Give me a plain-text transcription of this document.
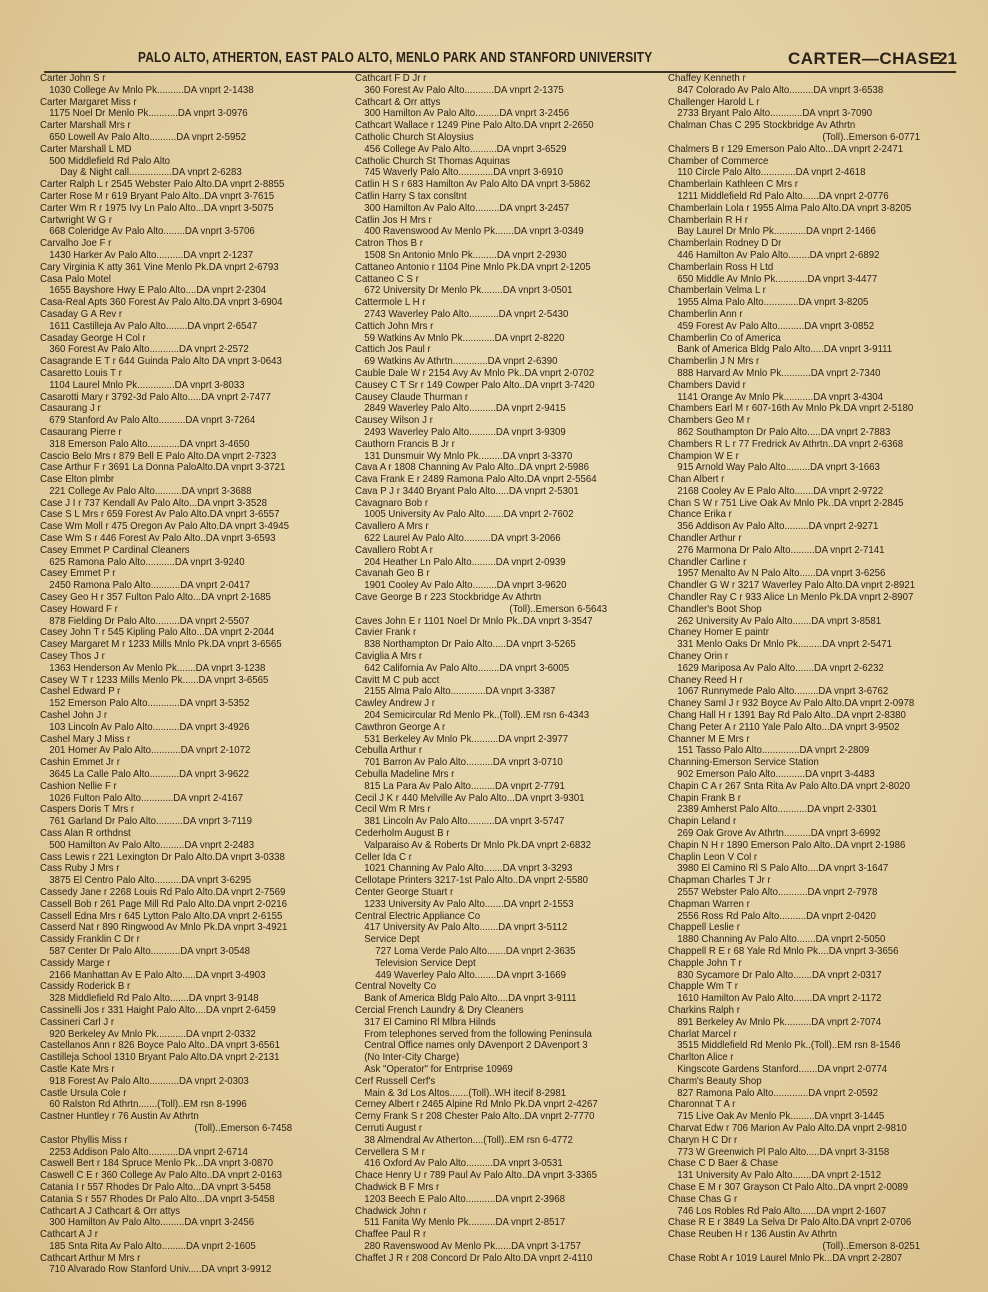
PALO ALTO, ATHERTON, EAST PALO ALTO, MENLO PARK AND STANFORD UNIVERSITY	CARTER—CHASE
21
Carter John S r
1030 College Av Mnlo Pk..........DA vnprt 2-1438
Carter Margaret Miss r
1175 Noel Dr Menlo Pk...........DA vnprt 3-0976
Carter Marshall Mrs r
650 Lowell Av Palo Alto..........DA vnprt 2-5952
Carter Marshall L MD
500 Middlefield Rd Palo Alto
Day & Night call................DA vnprt 2-6283
Carter Ralph L r 2545 Webster Palo Alto.DA vnprt 2-8855
Carter Rose M r 619 Bryant Palo Alto..DA vnprt 3-7615
Carter Wm R r 1975 Ivy Ln Palo Alto...DA vnprt 3-5075
Cartwright W G r
668 Coleridge Av Palo Alto........DA vnprt 3-5706
Carvalho Joe F r
1430 Harker Av Palo Alto..........DA vnprt 2-1237
Cary Virginia K atty 361 Vine Menlo Pk.DA vnprt 2-6793
Casa Palo Motel
1655 Bayshore Hwy E Palo Alto....DA vnprt 2-2304
Casa-Real Apts 360 Forest Av Palo Alto.DA vnprt 3-6904
Casaday G A Rev r
1611 Castilleja Av Palo Alto........DA vnprt 2-6547
Casaday George H Col r
360 Forest Av Palo Alto...........DA vnprt 2-2572
Casagrande E T r 644 Guinda Palo Alto DA vnprt 3-0643
Casaretto Louis T r
1104 Laurel Mnlo Pk..............DA vnprt 3-8033
Casarotti Mary r 3792-3d Palo Alto.....DA vnprt 2-7477
Casaurang J r
679 Stanford Av Palo Alto..........DA vnprt 3-7264
Casaurang Pierre r
318 Emerson Palo Alto............DA vnprt 3-4650
Cascio Belo Mrs r 879 Bell E Palo Alto.DA vnprt 2-7323
Case Arthur F r 3691 La Donna PaloAlto.DA vnprt 3-3721
Case Elton plmbr
221 College Av Palo Alto..........DA vnprt 3-3688
Case J I r 737 Kendall Av Palo Alto...DA vnprt 3-3528
Case S L Mrs r 659 Forest Av Palo Alto.DA vnprt 3-6557
Case Wm Moll r 475 Oregon Av Palo Alto.DA vnprt 3-4945
Case Wm S r 446 Forest Av Palo Alto..DA vnprt 3-6593
Casey Emmet P Cardinal Cleaners
625 Ramona Palo Alto...........DA vnprt 3-9240
Casey Emmet P r
2450 Ramona Palo Alto...........DA vnprt 2-0417
Casey Geo H r 357 Fulton Palo Alto...DA vnprt 2-1685
Casey Howard F r
878 Fielding Dr Palo Alto.........DA vnprt 2-5507
Casey John T r 545 Kipling Palo Alto...DA vnprt 2-2044
Casey Margaret M r 1233 Mills Mnlo Pk.DA vnprt 3-6565
Casey Thos J r
1363 Henderson Av Menlo Pk.......DA vnprt 3-1238
Casey W T r 1233 Mills Menlo Pk......DA vnprt 3-6565
Cashel Edward P r
152 Emerson Palo Alto............DA vnprt 3-5352
Cashel John J r
103 Lincoln Av Palo Alto..........DA vnprt 3-4926
Cashel Mary J Miss r
201 Homer Av Palo Alto...........DA vnprt 2-1072
Cashin Emmet Jr r
3645 La Calle Palo Alto...........DA vnprt 3-9622
Cashion Nellie F r
1026 Fulton Palo Alto............DA vnprt 2-4167
Caspers Doris T Mrs r
761 Garland Dr Palo Alto..........DA vnprt 3-7119
Cass Alan R orthdnst
500 Hamilton Av Palo Alto.........DA vnprt 2-2483
Cass Lewis r 221 Lexington Dr Palo Alto.DA vnprt 3-0338
Cass Ruby J Mrs r
3875 El Centro Palo Alto..........DA vnprt 3-6295
Cassedy Jane r 2268 Louis Rd Palo Alto.DA vnprt 2-7569
Cassell Bob r 261 Page Mill Rd Palo Alto.DA vnprt 2-0216
Cassell Edna Mrs r 645 Lytton Palo Alto.DA vnprt 2-6155
Casserd Nat r 890 Ringwood Av Mnlo Pk.DA vnprt 3-4921
Cassidy Franklin C Dr r
587 Center Dr Palo Alto...........DA vnprt 3-0548
Cassidy Marge r
2166 Manhattan Av E Palo Alto.....DA vnprt 3-4903
Cassidy Roderick B r
328 Middlefield Rd Palo Alto.......DA vnprt 3-9148
Cassinelli Jos r 331 Haight Palo Alto....DA vnprt 2-6459
Cassineri Carl J r
920 Berkeley Av Mnlo Pk...........DA vnprt 2-0332
Castellanos Ann r 826 Boyce Palo Alto..DA vnprt 3-6561
Castilleja School 1310 Bryant Palo Alto.DA vnprt 2-2131
Castle Kate Mrs r
918 Forest Av Palo Alto...........DA vnprt 2-0303
Castle Ursula Cole r
60 Ralston Rd Athrtn.......(Toll)..EM rsn 8-1996
Castner Huntley r 76 Austin Av Athrtn
(Toll)..Emerson 6-7458
Castor Phyllis Miss r
2253 Addison Palo Alto...........DA vnprt 2-6714
Caswell Bert r 184 Spruce Menlo Pk...DA vnprt 3-0870
Caswell C E r 360 College Av Palo Alto..DA vnprt 2-0163
Catania I r 557 Rhodes Dr Palo Alto...DA vnprt 3-5458
Catania S r 557 Rhodes Dr Palo Alto...DA vnprt 3-5458
Cathcart A J Cathcart & Orr attys
300 Hamilton Av Palo Alto.........DA vnprt 3-2456
Cathcart A J r
185 Snta Rita Av Palo Alto.........DA vnprt 2-1605
Cathcart Arthur M Mrs r
710 Alvarado Row Stanford Univ.....DA vnprt 3-9912
Cathcart F D Jr r
360 Forest Av Palo Alto...........DA vnprt 2-1375
Cathcart & Orr attys
300 Hamilton Av Palo Alto.........DA vnprt 3-2456
Cathcart Wallace r 1249 Pine Palo Alto.DA vnprt 2-2650
Catholic Church St Aloysius
456 College Av Palo Alto..........DA vnprt 3-6529
Catholic Church St Thomas Aquinas
745 Waverly Palo Alto.............DA vnprt 3-6910
Catlin H S r 683 Hamilton Av Palo Alto DA vnprt 3-5862
Catlin Harry S tax consltnt
300 Hamilton Av Palo Alto.........DA vnprt 3-2457
Catlin Jos H Mrs r
400 Ravenswood Av Menlo Pk.......DA vnprt 3-0349
Catron Thos B r
1508 Sn Antonio Mnlo Pk.........DA vnprt 2-2930
Cattaneo Antonio r 1104 Pine Mnlo Pk.DA vnprt 2-1205
Cattaneo C S r
672 University Dr Menlo Pk........DA vnprt 3-0501
Cattermole L H r
2743 Waverley Palo Alto...........DA vnprt 2-5430
Cattich John Mrs r
59 Watkins Av Mnlo Pk............DA vnprt 2-8220
Cattich Jos Paul r
69 Watkins Av Athrtn.............DA vnprt 2-6390
Cauble Dale W r 2154 Avy Av Mnlo Pk..DA vnprt 2-0702
Causey C T Sr r 149 Cowper Palo Alto..DA vnprt 3-7420
Causey Claude Thurman r
2849 Waverley Palo Alto..........DA vnprt 2-9415
Causey Wilson J r
2493 Waverley Palo Alto..........DA vnprt 3-9309
Cauthorn Francis B Jr r
131 Dunsmuir Wy Mnlo Pk.........DA vnprt 3-3370
Cava A r 1808 Channing Av Palo Alto..DA vnprt 2-5986
Cava Frank E r 2489 Ramona Palo Alto.DA vnprt 2-5564
Cava P J r 3440 Bryant Palo Alto.....DA vnprt 2-5301
Cavagnaro Bob r
1005 University Av Palo Alto.......DA vnprt 2-7602
Cavallero A Mrs r
622 Laurel Av Palo Alto..........DA vnprt 3-2066
Cavallero Robt A r
204 Heather Ln Palo Alto.........DA vnprt 2-0939
Cavanah Geo B r
1901 Cooley Av Palo Alto.........DA vnprt 3-9620
Cave George B r 223 Stockbridge Av Athrtn
(Toll)..Emerson 6-5643
Caves John E r 1101 Noel Dr Mnlo Pk..DA vnprt 3-3547
Cavier Frank r
838 Northampton Dr Palo Alto.....DA vnprt 3-5265
Caviglia A Mrs r
642 California Av Palo Alto........DA vnprt 3-6005
Cavitt M C pub acct
2155 Alma Palo Alto.............DA vnprt 3-3387
Cawley Andrew J r
204 Semicircular Rd Menlo Pk..(Toll)..EM rsn 6-4343
Cawthron George A r
531 Berkeley Av Mnlo Pk..........DA vnprt 2-3977
Cebulla Arthur r
701 Barron Av Palo Alto..........DA vnprt 3-0710
Cebulla Madeline Mrs r
815 La Para Av Palo Alto.........DA vnprt 2-7791
Cecil J K r 440 Melville Av Palo Alto...DA vnprt 3-9301
Cecil Wm R Mrs r
381 Lincoln Av Palo Alto..........DA vnprt 3-5747
Cederholm August B r
Valparaiso Av & Roberts Dr Mnlo Pk.DA vnprt 2-6832
Celler Ida C r
1021 Channing Av Palo Alto.......DA vnprt 3-3293
Cellotape Printers 3217-1st Palo Alto..DA vnprt 2-5580
Center George Stuart r
1233 University Av Palo Alto.......DA vnprt 2-1553
Central Electric Appliance Co
417 University Av Palo Alto.......DA vnprt 3-5112
Service Dept
727 Loma Verde Palo Alto.......DA vnprt 2-3635
Television Service Dept
449 Waverley Palo Alto........DA vnprt 3-1669
Central Novelty Co
Bank of America Bldg Palo Alto....DA vnprt 3-9111
Cercial French Laundry & Dry Cleaners
317 El Camino Rl Mlbra Hilnds
From telephones served from the following Peninsula
Central Office names only DAvenport 2 DAvenport 3
(No Inter-City Charge)
Ask "Operator" for Entrprise 10969
Cerf Russell Cerf's
Main & 3d Los Altos.......(Toll)..WH itecif 8-2981
Cerney Albert r 2465 Alpine Rd Mnlo Pk.DA vnprt 2-4267
Cerny Frank S r 208 Chester Palo Alto..DA vnprt 2-7770
Cerruti August r
38 Almendral Av Atherton....(Toll)..EM rsn 6-4772
Cervellera S M r
416 Oxford Av Palo Alto..........DA vnprt 3-0531
Chace Henry U r 789 Paul Av Palo Alto..DA vnprt 3-3365
Chadwick B F Mrs r
1203 Beech E Palo Alto...........DA vnprt 2-3968
Chadwick John r
511 Fanita Wy Menlo Pk..........DA vnprt 2-8517
Chaffee Paul R r
280 Ravenswood Av Menlo Pk......DA vnprt 3-1757
Chaffet J R r 208 Concord Dr Palo Alto.DA vnprt 2-4110
Chaffey Kenneth r
847 Colorado Av Palo Alto.........DA vnprt 3-6538
Challenger Harold L r
2733 Bryant Palo Alto............DA vnprt 3-7090
Chalman Chas C 295 Stockbridge Av Athrtn
(Toll)..Emerson 6-0771
Chalmers B r 129 Emerson Palo Alto...DA vnprt 2-2471
Chamber of Commerce
110 Circle Palo Alto.............DA vnprt 2-4618
Chamberlain Kathleen C Mrs r
1211 Middlefield Rd Palo Alto......DA vnprt 2-0776
Chamberlain Lola r 1955 Alma Palo Alto.DA vnprt 3-8205
Chamberlain R H r
Bay Laurel Dr Mnlo Pk............DA vnprt 2-1466
Chamberlain Rodney D Dr
446 Hamilton Av Palo Alto........DA vnprt 2-6892
Chamberlain Ross H Ltd
650 Middle Av Mnlo Pk............DA vnprt 3-4477
Chamberlain Velma L r
1955 Alma Palo Alto.............DA vnprt 3-8205
Chamberlin Ann r
459 Forest Av Palo Alto..........DA vnprt 3-0852
Chamberlin Co of America
Bank of America Bldg Palo Alto.....DA vnprt 3-9111
Chamberlin J N Mrs r
888 Harvard Av Mnlo Pk...........DA vnprt 2-7340
Chambers David r
1141 Orange Av Mnlo Pk...........DA vnprt 3-4304
Chambers Earl M r 607-16th Av Mnlo Pk.DA vnprt 2-5180
Chambers Geo M r
862 Southampton Dr Palo Alto.....DA vnprt 2-7883
Chambers R L r 77 Fredrick Av Athrtn..DA vnprt 2-6368
Champion W E r
915 Arnold Way Palo Alto.........DA vnprt 3-1663
Chan Albert r
2168 Cooley Av E Palo Alto.......DA vnprt 2-9722
Chan S W r 751 Live Oak Av Mnlo Pk..DA vnprt 2-2845
Chance Erika r
356 Addison Av Palo Alto.........DA vnprt 2-9271
Chandler Arthur r
276 Marmona Dr Palo Alto.........DA vnprt 2-7141
Chandler Carline r
1957 Menalto Av N Palo Alto......DA vnprt 3-6256
Chandler G W r 3217 Waverley Palo Alto.DA vnprt 2-8921
Chandler Ray C r 933 Alice Ln Menlo Pk.DA vnprt 2-8907
Chandler's Boot Shop
262 University Av Palo Alto.......DA vnprt 3-8581
Chaney Homer E paintr
331 Menlo Oaks Dr Mnlo Pk.........DA vnprt 2-5471
Chaney Orin r
1629 Mariposa Av Palo Alto.......DA vnprt 2-6232
Chaney Reed H r
1067 Runnymede Palo Alto.........DA vnprt 3-6762
Chaney Saml J r 932 Boyce Av Palo Alto.DA vnprt 2-0978
Chang Hall H r 1391 Bay Rd Palo Alto..DA vnprt 2-8380
Chang Peter A r 2110 Yale Palo Alto...DA vnprt 3-9502
Channer M E Mrs r
151 Tasso Palo Alto..............DA vnprt 2-2809
Channing-Emerson Service Station
902 Emerson Palo Alto...........DA vnprt 3-4483
Chapin C A r 267 Snta Rita Av Palo Alto.DA vnprt 2-8020
Chapin Frank B r
2389 Amherst Palo Alto...........DA vnprt 2-3301
Chapin Leland r
269 Oak Grove Av Athrtn..........DA vnprt 3-6992
Chapin N H r 1890 Emerson Palo Alto..DA vnprt 2-1986
Chaplin Leon V Col r
3980 El Camino Rl S Palo Alto....DA vnprt 3-1647
Chapman Charles T Jr r
2557 Webster Palo Alto...........DA vnprt 2-7978
Chapman Warren r
2556 Ross Rd Palo Alto..........DA vnprt 2-0420
Chappell Leslie r
1880 Channing Av Palo Alto.......DA vnprt 2-5050
Chappell R E r 68 Yale Rd Mnlo Pk....DA vnprt 3-3656
Chapple John T r
830 Sycamore Dr Palo Alto.......DA vnprt 2-0317
Chapple Wm T r
1610 Hamilton Av Palo Alto.......DA vnprt 2-1172
Charkins Ralph r
891 Berkeley Av Mnlo Pk..........DA vnprt 2-7074
Charlat Marcel r
3515 Middlefield Rd Menlo Pk..(Toll)..EM rsn 8-1546
Charlton Alice r
Kingscote Gardens Stanford.......DA vnprt 2-0774
Charm's Beauty Shop
827 Ramona Palo Alto.............DA vnprt 2-0592
Charonnat T A r
715 Live Oak Av Menlo Pk.........DA vnprt 3-1445
Charvat Edw r 706 Marion Av Palo Alto.DA vnprt 2-9810
Charyn H C Dr r
773 W Greenwich Pl Palo Alto.....DA vnprt 3-3158
Chase C D Baer & Chase
131 University Av Palo Alto.......DA vnprt 2-1512
Chase E M r 307 Grayson Ct Palo Alto..DA vnprt 2-0089
Chase Chas G r
746 Los Robles Rd Palo Alto......DA vnprt 2-1607
Chase R E r 3849 La Selva Dr Palo Alto.DA vnprt 2-0706
Chase Reuben H r 136 Austin Av Athrtn
(Toll)..Emerson 8-0251
Chase Robt A r 1019 Laurel Mnlo Pk...DA vnprt 2-2807
